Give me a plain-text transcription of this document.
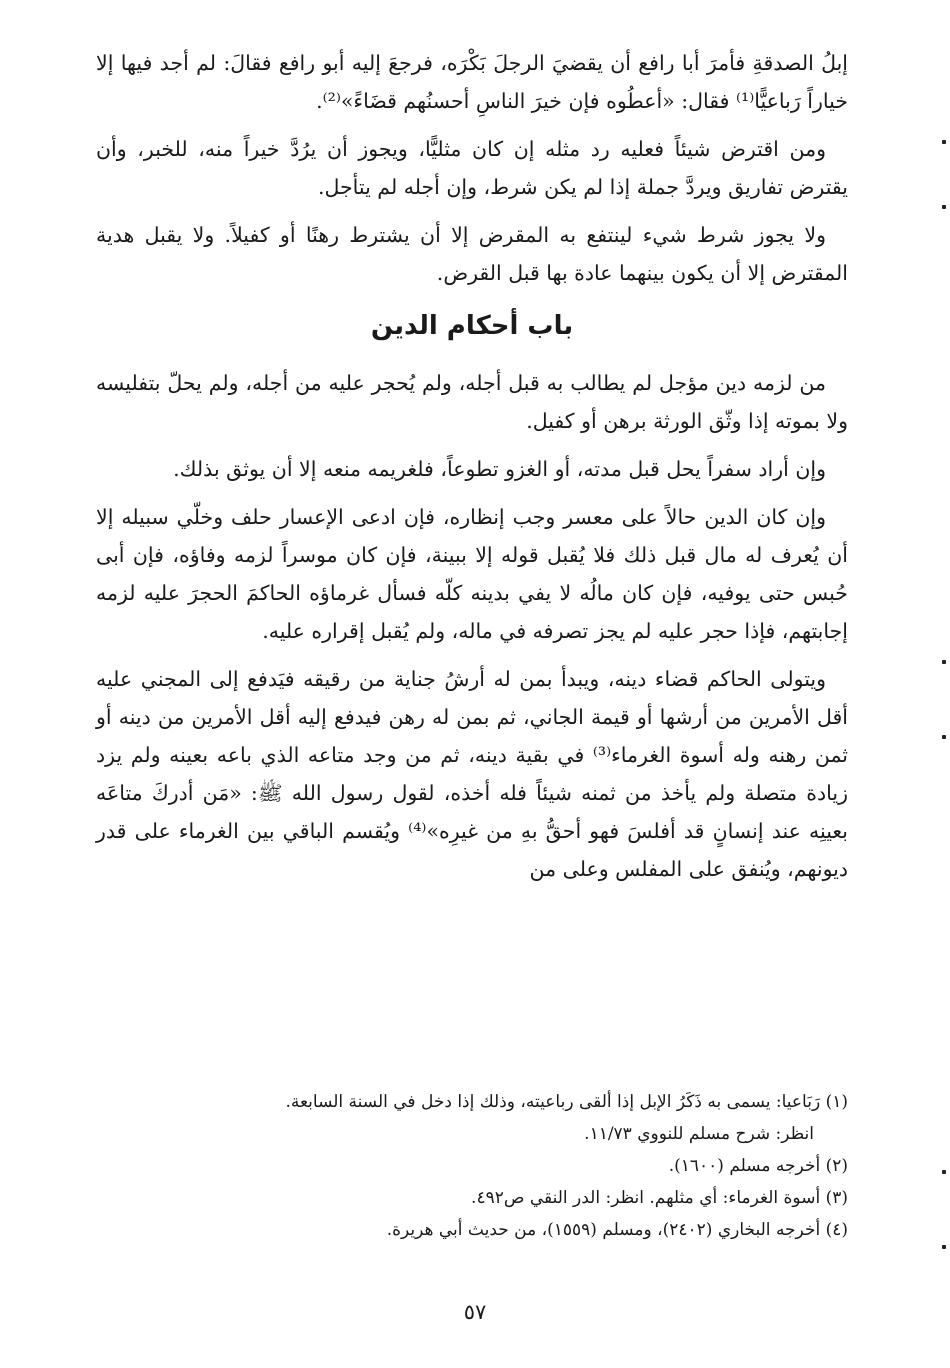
إبلُ الصدقةِ فأمرَ أبا رافع أن يقضيَ الرجلَ بَكْرَه، فرجعَ إليه أبو رافع فقالَ: لم أجد فيها إلا خياراً رَباعيًّا⁽¹⁾ فقال: «أعطُوه فإن خيرَ الناسِ أحسنُهم قضَاءً»⁽²⁾.

ومن اقترض شيئاً فعليه رد مثله إن كان مثليًّا، ويجوز أن يرُدَّ خيراً منه، للخبر، وأن يقترض تفاريق ويردَّ جملة إذا لم يكن شرط، وإن أجله لم يتأجل.

ولا يجوز شرط شيء لينتفع به المقرض إلا أن يشترط رهنًا أو كفيلاً. ولا يقبل هدية المقترض إلا أن يكون بينهما عادة بها قبل القرض.

باب أحكام الدين

من لزمه دين مؤجل لم يطالب به قبل أجله، ولم يُحجر عليه من أجله، ولم يحلّ بتفليسه ولا بموته إذا وثّق الورثة برهن أو كفيل.

وإن أراد سفراً يحل قبل مدته، أو الغزو تطوعاً، فلغريمه منعه إلا أن يوثق بذلك.

وإن كان الدين حالاً على معسر وجب إنظاره، فإن ادعى الإعسار حلف وخلّي سبيله إلا أن يُعرف له مال قبل ذلك فلا يُقبل قوله إلا ببينة، فإن كان موسراً لزمه وفاؤه، فإن أبى حُبس حتى يوفيه، فإن كان مالُه لا يفي بدينه كلّه فسأل غرماؤه الحاكمَ الحجرَ عليه لزمه إجابتهم، فإذا حجر عليه لم يجز تصرفه في ماله، ولم يُقبل إقراره عليه.

ويتولى الحاكم قضاء دينه، ويبدأ بمن له أرشُ جناية من رقيقه فيَدفع إلى المجني عليه أقل الأمرين من أرشها أو قيمة الجاني، ثم بمن له رهن فيدفع إليه أقل الأمرين من دينه أو ثمن رهنه وله أسوة الغرماء⁽³⁾ في بقية دينه، ثم من وجد متاعه الذي باعه بعينه ولم يزد زيادة متصلة ولم يأخذ من ثمنه شيئاً فله أخذه، لقول رسول الله ﷺ: «مَن أدركَ متاعَه بعينِه عند إنسانٍ قد أفلسَ فهو أحقُّ بهِ من غيرِه»⁽⁴⁾ ويُقسم الباقي بين الغرماء على قدر ديونهم، ويُنفق على المفلس وعلى من

(١) رَبَاعيا: يسمى به ذَكَرُ الإبل إذا ألقى رباعيته، وذلك إذا دخل في السنة السابعة.

انظر: شرح مسلم للنووي ١١/٧٣.

(٢) أخرجه مسلم (١٦٠٠).

(٣) أسوة الغرماء: أي مثلهم. انظر: الدر النقي ص٤٩٢.

(٤) أخرجه البخاري (٢٤٠٢)، ومسلم (١٥٥٩)، من حديث أبي هريرة.

٥٧
